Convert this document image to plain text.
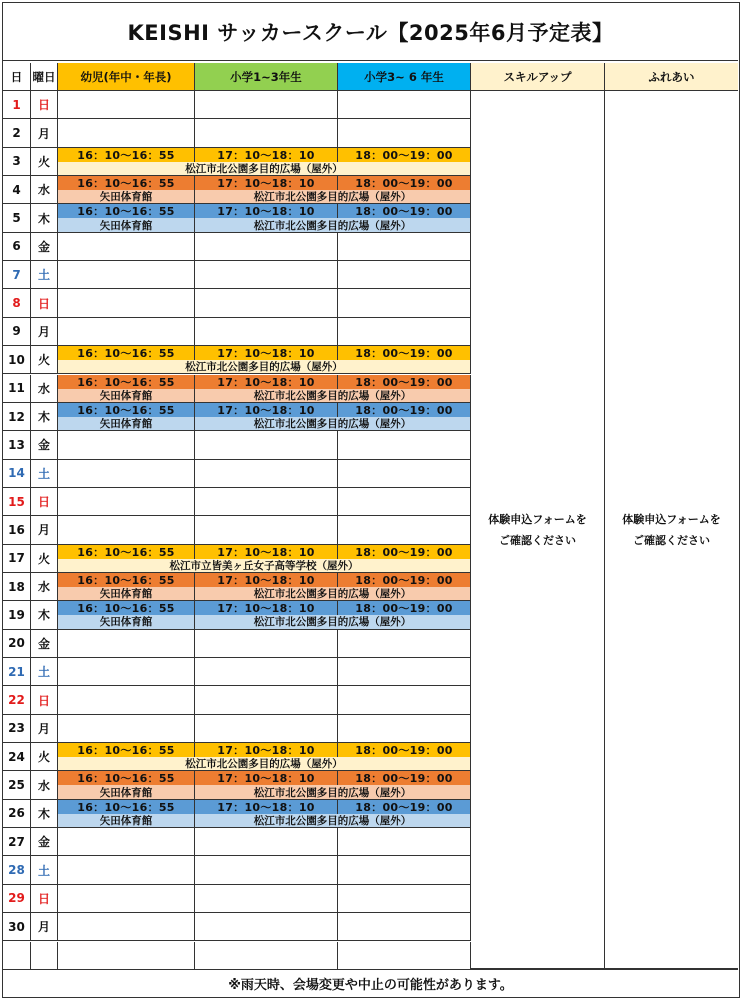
KEISHI サッカースクール【2025年6月予定表】
日 曜日	幼児(年中・年長)	小学1~3年生	小学3~ 6 年生	スキルアップ	ふれあい
1	日
2	月
3	火	16：10〜16：55	17：10〜18：10	18：00〜19：00
松江市北公園多目的広場（屋外）
4	水	16：10〜16：55	17：10〜18：10	18：00〜19：00
矢田体育館	松江市北公園多目的広場（屋外）
5	木	16：10〜16：55	17：10〜18：10	18：00〜19：00
矢田体育館	松江市北公園多目的広場（屋外）
6	金
7	土
8	日
9	月
10	火	16：10〜16：55	17：10〜18：10	18：00〜19：00
松江市北公園多目的広場（屋外）
11	水	16：10〜16：55	17：10〜18：10	18：00〜19：00
矢田体育館	松江市北公園多目的広場（屋外）
12	木	16：10〜16：55	17：10〜18：10	18：00〜19：00
矢田体育館	松江市北公園多目的広場（屋外）
13	金
14	土
15	日
16	月
17	火	16：10〜16：55	17：10〜18：10	18：00〜19：00
松江市立皆美ヶ丘女子高等学校（屋外）
18	水	16：10〜16：55	17：10〜18：10	18：00〜19：00
矢田体育館	松江市北公園多目的広場（屋外）
19	木	16：10〜16：55	17：10〜18：10	18：00〜19：00
矢田体育館	松江市北公園多目的広場（屋外）
20	金
21	土
22	日
23	月
24	火	16：10〜16：55	17：10〜18：10	18：00〜19：00
松江市北公園多目的広場（屋外）
25	水	16：10〜16：55	17：10〜18：10	18：00〜19：00
矢田体育館	松江市北公園多目的広場（屋外）
26	木	16：10〜16：55	17：10〜18：10	18：00〜19：00
矢田体育館	松江市北公園多目的広場（屋外）
27	金
28	土
29	日
30	月
体験申込フォームを
ご確認ください
体験申込フォームを
ご確認ください
※雨天時、会場変更や中止の可能性があります。
